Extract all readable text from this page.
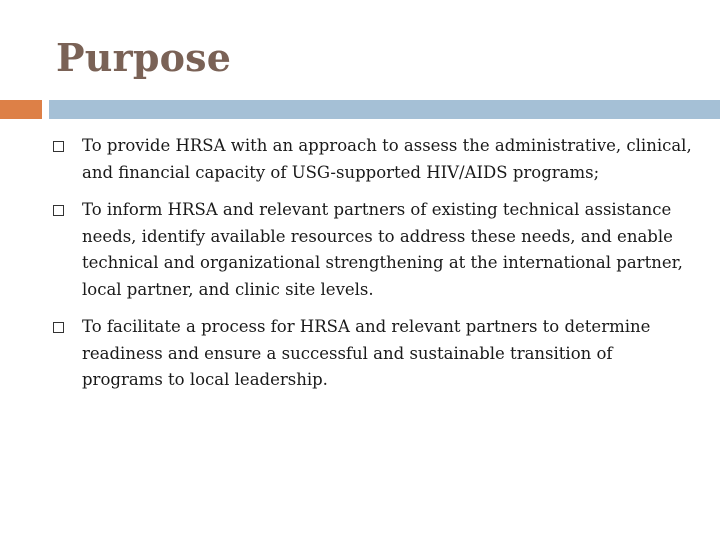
Purpose
To provide HRSA with an approach to assess the administrative, clinical, and financial capacity of USG-supported HIV/AIDS programs;
To inform HRSA and relevant partners of existing technical assistance needs, identify available resources to address these needs, and enable technical and organizational strengthening at the international partner, local partner, and clinic site levels.
To facilitate a process for HRSA and relevant partners to determine readiness and ensure a successful and sustainable transition of programs to local leadership.
